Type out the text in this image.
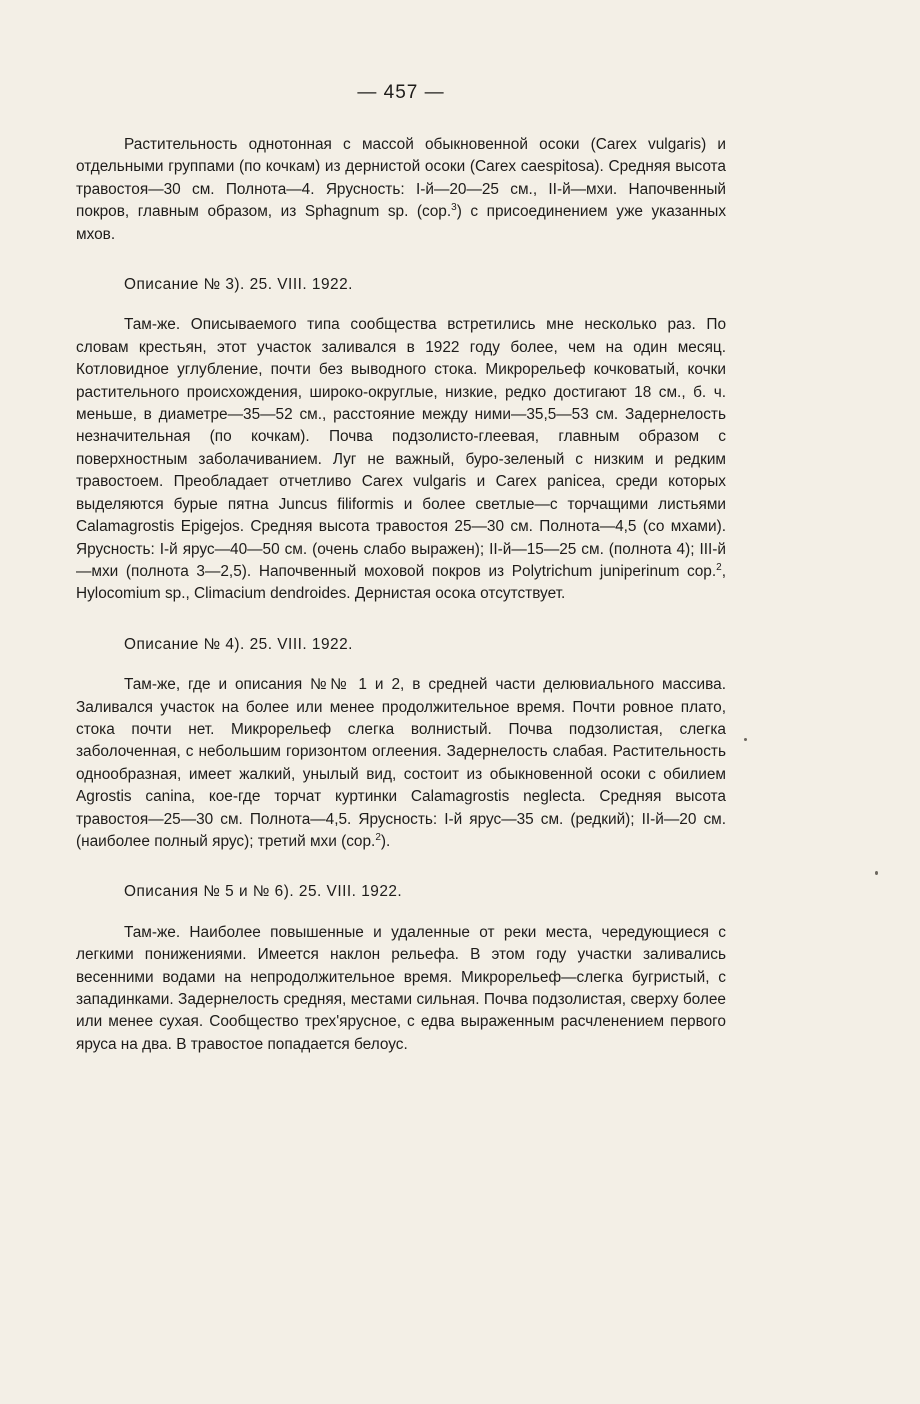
— 457 —

Растительность однотонная с массой обыкновенной осоки (Carex vulgaris) и отдельными группами (по кочкам) из дернистой осоки (Carex caespitosa). Средняя высота травостоя—30 см. Полнота—4. Ярусность: I-й—20—25 см., II-й—мхи. Напочвенный покров, главным образом, из Sphagnum sp. (cop.$^3$) с присоединением уже указанных мхов.

Описание № 3). 25. VIII. 1922.

Там-же. Описываемого типа сообщества встретились мне несколько раз. По словам крестьян, этот участок заливался в 1922 году более, чем на один месяц. Котловидное углубление, почти без выводного стока. Микрорельеф кочковатый, кочки растительного происхождения, широко-округлые, низкие, редко достигают 18 см., б. ч. меньше, в диаметре—35—52 см., расстояние между ними—35,5—53 см. Задернелость незначительная (по кочкам). Почва подзолисто-глеевая, главным образом с поверхностным заболачиванием. Луг не важный, буро-зеленый с низким и редким травостоем. Преобладает отчетливо Carex vulgaris и Carex panicea, среди которых выделяются бурые пятна Juncus filiformis и более светлые—с торчащими листьями Calamagrostis Epigejos. Средняя высота травостоя 25—30 см. Полнота—4,5 (со мхами). Ярусность: I-й ярус—40—50 см. (очень слабо выражен); II-й—15—25 см. (полнота 4); III-й—мхи (полнота 3—2,5). Напочвенный моховой покров из Polytrichum juniperinum cop.$^2$, Hylocomium sp., Climacium dendroides. Дернистая осока отсутствует.

Описание № 4). 25. VIII. 1922.

Там-же, где и описания №№ 1 и 2, в средней части делювиального массива. Заливался участок на более или менее продолжительное время. Почти ровное плато, стока почти нет. Микрорельеф слегка волнистый. Почва подзолистая, слегка заболоченная, с небольшим горизонтом оглеения. Задернелость слабая. Растительность однообразная, имеет жалкий, унылый вид, состоит из обыкновенной осоки с обилием Agrostis canina, кое-где торчат куртинки Calamagrostis neglecta. Средняя высота травостоя—25—30 см. Полнота—4,5. Ярусность: I-й ярус—35 см. (редкий); II-й—20 см. (наиболее полный ярус); третий мхи (cop.$^2$).

Описания № 5 и № 6). 25. VIII. 1922.

Там-же. Наиболее повышенные и удаленные от реки места, чередующиеся с легкими понижениями. Имеется наклон рельефа. В этом году участки заливались весенними водами на непродолжительное время. Микрорельеф—слегка бугристый, с западинками. Задернелость средняя, местами сильная. Почва подзолистая, сверху более или менее сухая. Сообщество трех'ярусное, с едва выраженным расчленением первого яруса на два. В травостое попадается белоус.
